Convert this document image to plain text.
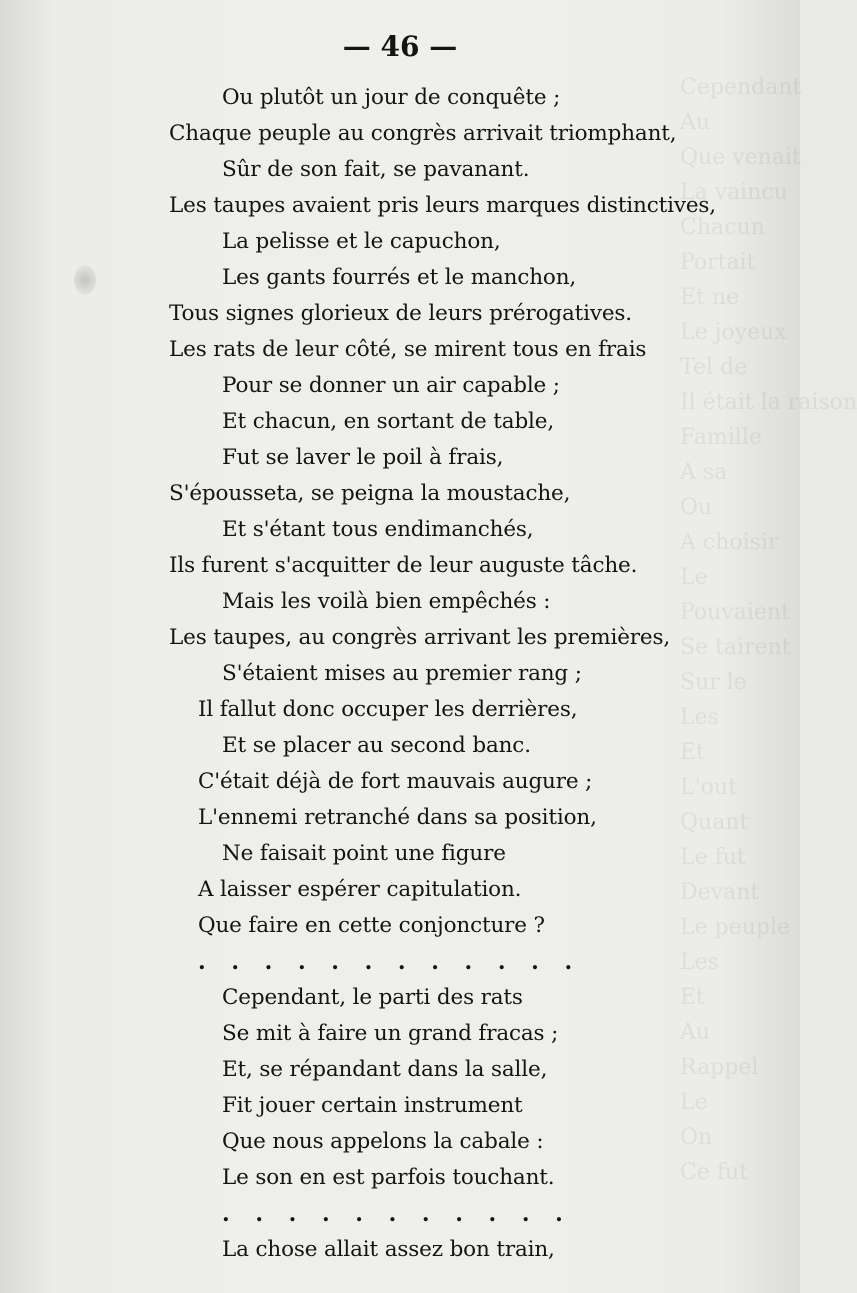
Cependant
Au
Que venait
La vaincu
Chacun
Portait
Et ne
Le joyeux
Tel de
Il était la raison
Famille
A sa
Ou
A choisir
Le
Pouvaient
Se tairent
Sur le
Les
Et
L'out
Quant
Le fut
Devant
Le peuple
Les
Et
Au
Rappel
Le
On
Ce fut
— 46 —
Ou plutôt un jour de conquête ;
Chaque peuple au congrès arrivait triomphant,
Sûr de son fait, se pavanant.
Les taupes avaient pris leurs marques distinctives,
La pelisse et le capuchon,
Les gants fourrés et le manchon,
Tous signes glorieux de leurs prérogatives.
Les rats de leur côté, se mirent tous en frais
Pour se donner un air capable ;
Et chacun, en sortant de table,
Fut se laver le poil à frais,
S'épousseta, se peigna la moustache,
Et s'étant tous endimanchés,
Ils furent s'acquitter de leur auguste tâche.
Mais les voilà bien empêchés :
Les taupes, au congrès arrivant les premières,
S'étaient mises au premier rang ;
Il fallut donc occuper les derrières,
Et se placer au second banc.
C'était déjà de fort mauvais augure ;
L'ennemi retranché dans sa position,
Ne faisait point une figure
A laisser espérer capitulation.
Que faire en cette conjoncture ?
. . . . . . . . . . . .
Cependant, le parti des rats
Se mit à faire un grand fracas ;
Et, se répandant dans la salle,
Fit jouer certain instrument
Que nous appelons la cabale :
Le son en est parfois touchant.
. . . . . . . . . . .
La chose allait assez bon train,
